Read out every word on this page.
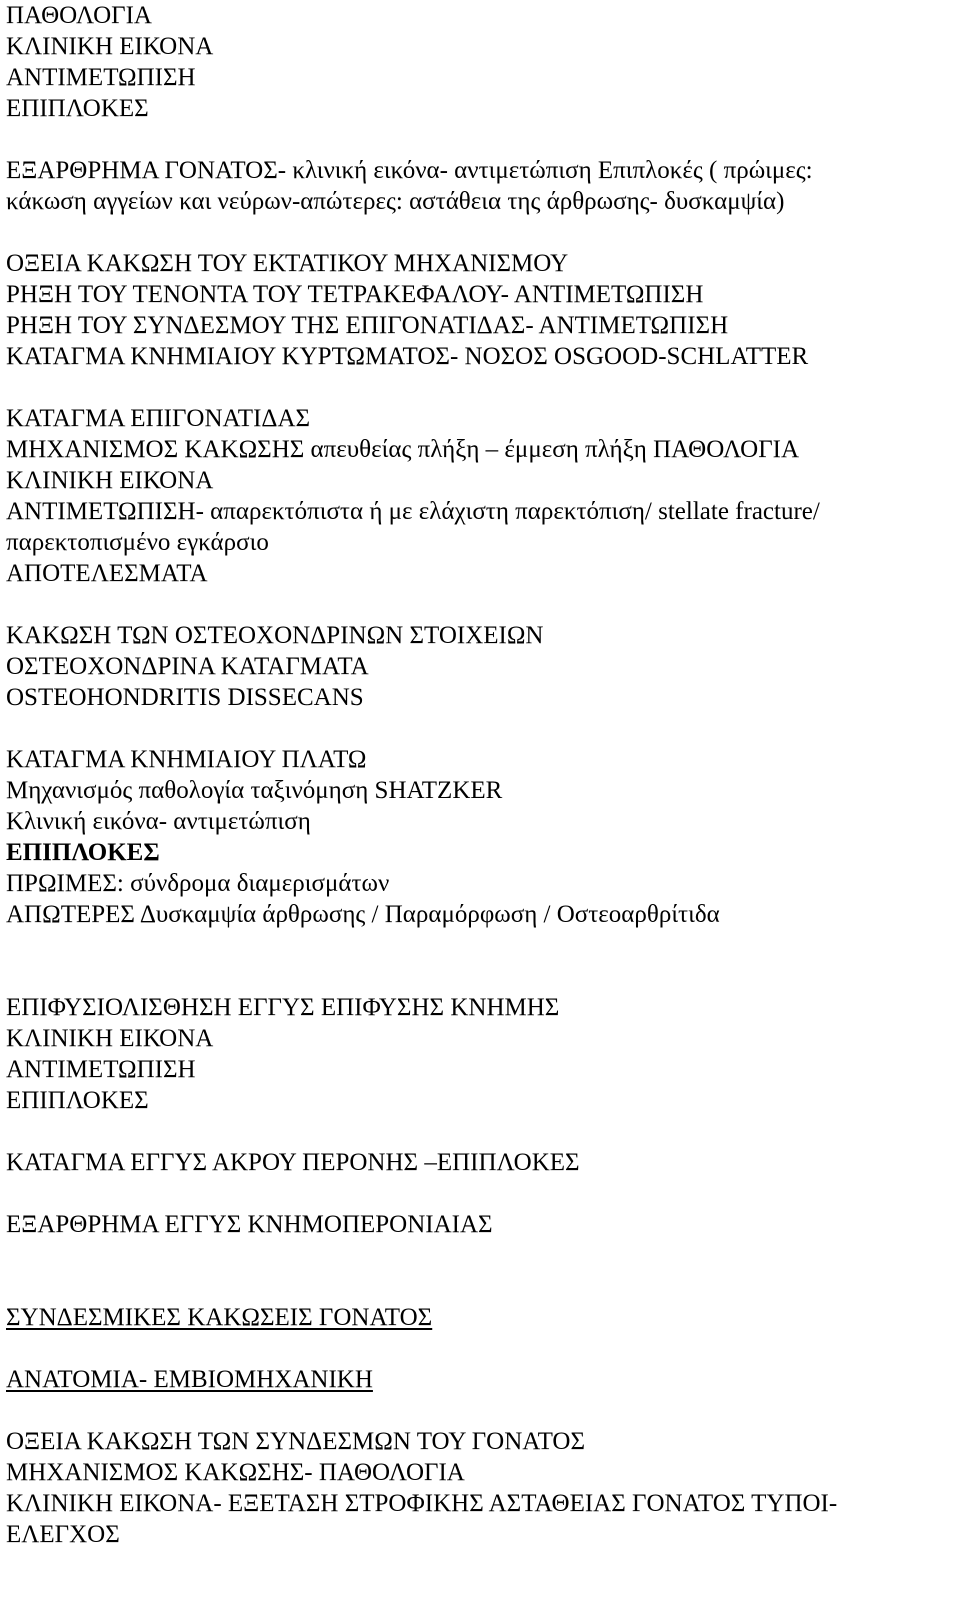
ΠΑΘΟΛΟΓΙΑ
ΚΛΙΝΙΚΗ ΕΙΚΟΝΑ
ΑΝΤΙΜΕΤΩΠΙΣΗ
ΕΠΙΠΛΟΚΕΣ
ΕΞΑΡΘΡΗΜΑ ΓΟΝΑΤΟΣ- κλινική εικόνα- αντιμετώπιση Επιπλοκές ( πρώιμες:
κάκωση αγγείων και νεύρων-απώτερες: αστάθεια της άρθρωσης- δυσκαμψία)
ΟΞΕΙΑ ΚΑΚΩΣΗ ΤΟΥ ΕΚΤΑΤΙΚΟΥ ΜΗΧΑΝΙΣΜΟΥ
ΡΗΞΗ ΤΟΥ ΤΕΝΟΝΤΑ ΤΟΥ ΤΕΤΡΑΚΕΦΑΛΟΥ- ΑΝΤΙΜΕΤΩΠΙΣΗ
ΡΗΞΗ ΤΟΥ ΣΥΝΔΕΣΜΟΥ ΤΗΣ ΕΠΙΓΟΝΑΤΙΔΑΣ- ΑΝΤΙΜΕΤΩΠΙΣΗ
ΚΑΤΑΓΜΑ ΚΝΗΜΙΑΙΟΥ ΚΥΡΤΩΜΑΤΟΣ- ΝΟΣΟΣ OSGOOD-SCHLATTER
ΚΑΤΑΓΜΑ ΕΠΙΓΟΝΑΤΙΔΑΣ
ΜΗΧΑΝΙΣΜΟΣ ΚΑΚΩΣΗΣ απευθείας πλήξη – έμμεση πλήξη ΠΑΘΟΛΟΓΙΑ
ΚΛΙΝΙΚΗ ΕΙΚΟΝΑ
ΑΝΤΙΜΕΤΩΠΙΣΗ- απαρεκτόπιστα ή με ελάχιστη παρεκτόπιση/ stellate fracture/
παρεκτοπισμένο εγκάρσιο
ΑΠΟΤΕΛΕΣΜΑΤΑ
ΚΑΚΩΣΗ ΤΩΝ ΟΣΤΕΟΧΟΝΔΡΙΝΩΝ ΣΤΟΙΧΕΙΩΝ
ΟΣΤΕΟΧΟΝΔΡΙΝΑ ΚΑΤΑΓΜΑΤΑ
OSTEOHONDRITIS DISSECANS
ΚΑΤΑΓΜΑ ΚΝΗΜΙΑΙΟΥ ΠΛΑΤΩ
Μηχανισμός παθολογία ταξινόμηση SHATZKER
Κλινική εικόνα- αντιμετώπιση
ΕΠΙΠΛΟΚΕΣ
ΠΡΩΙΜΕΣ: σύνδρομα διαμερισμάτων
ΑΠΩΤΕΡΕΣ Δυσκαμψία άρθρωσης / Παραμόρφωση / Οστεοαρθρίτιδα
ΕΠΙΦΥΣΙΟΛΙΣΘΗΣΗ ΕΓΓΥΣ ΕΠΙΦΥΣΗΣ ΚΝΗΜΗΣ
ΚΛΙΝΙΚΗ ΕΙΚΟΝΑ
ΑΝΤΙΜΕΤΩΠΙΣΗ
ΕΠΙΠΛΟΚΕΣ
ΚΑΤΑΓΜΑ ΕΓΓΥΣ ΑΚΡΟΥ ΠΕΡΟΝΗΣ –ΕΠΙΠΛΟΚΕΣ
ΕΞΑΡΘΡΗΜΑ ΕΓΓΥΣ ΚΝΗΜΟΠΕΡΟΝΙΑΙΑΣ
ΣΥΝΔΕΣΜΙΚΕΣ ΚΑΚΩΣΕΙΣ ΓΟΝΑΤΟΣ
ΑΝΑΤΟΜΙΑ- ΕΜΒΙΟΜΗΧΑΝΙΚΗ
ΟΞΕΙΑ ΚΑΚΩΣΗ ΤΩΝ ΣΥΝΔΕΣΜΩΝ ΤΟΥ ΓΟΝΑΤΟΣ
ΜΗΧΑΝΙΣΜΟΣ ΚΑΚΩΣΗΣ- ΠΑΘΟΛΟΓΙΑ
ΚΛΙΝΙΚΗ ΕΙΚΟΝΑ- ΕΞΕΤΑΣΗ ΣΤΡΟΦΙΚΗΣ ΑΣΤΑΘΕΙΑΣ ΓΟΝΑΤΟΣ ΤΥΠΟΙ-
ΕΛΕΓΧΟΣ
